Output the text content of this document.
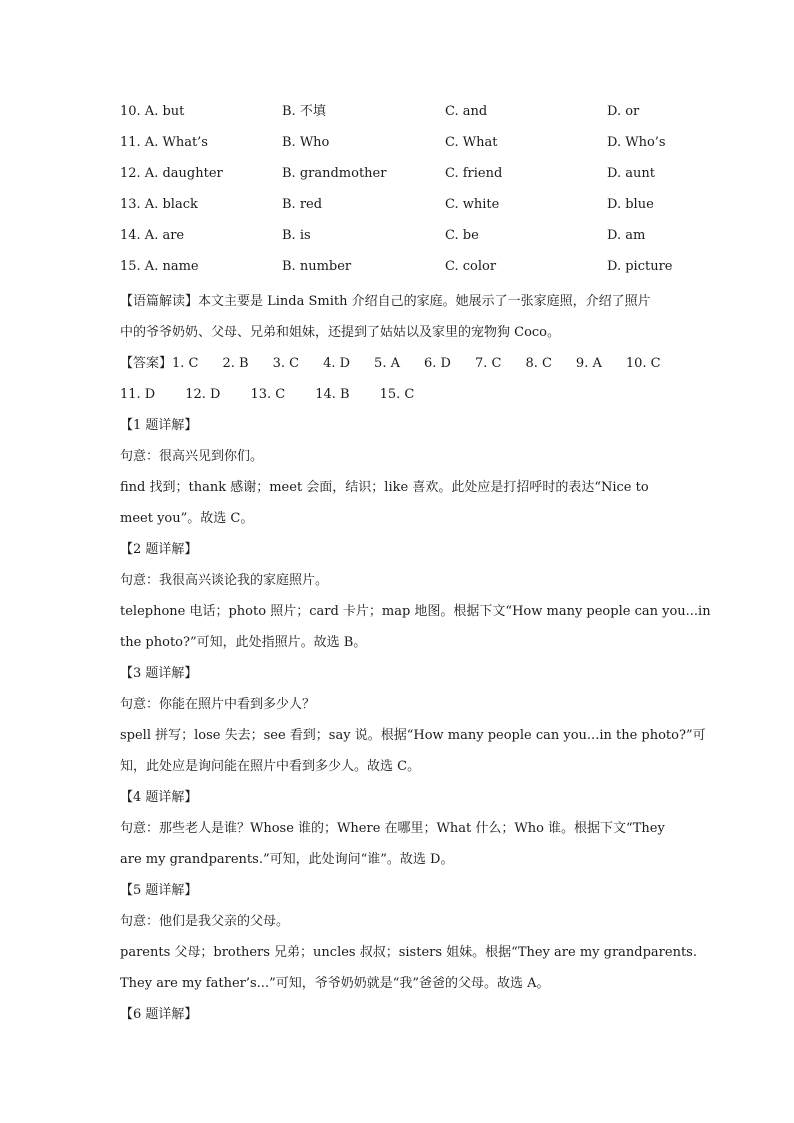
10. A. but	B. 不填	C. and	D. or
11. A. What’s	B. Who	C. What	D. Who’s
12. A. daughter	B. grandmother	C. friend	D. aunt
13. A. black	B. red	C. white	D. blue
14. A. are	B. is	C. be	D. am
15. A. name	B. number	C. color	D. picture
【语篇解读】本文主要是 Linda Smith 介绍自己的家庭。她展示了一张家庭照，介绍了照片
中的爷爷奶奶、父母、兄弟和姐妹，还提到了姑姑以及家里的宠物狗 Coco。
【答案】1. C 2. B 3. C 4. D 5. A 6. D 7. C 8. C 9. A 10. C
11. D 12. D 13. C 14. B 15. C
【1 题详解】
句意：很高兴见到你们。
find 找到；thank 感谢；meet 会面，结识；like 喜欢。此处应是打招呼时的表达“Nice to
meet you”。故选 C。
【2 题详解】
句意：我很高兴谈论我的家庭照片。
telephone 电话；photo 照片；card 卡片；map 地图。根据下文“How many people can you...in
the photo?”可知，此处指照片。故选 B。
【3 题详解】
句意：你能在照片中看到多少人？
spell 拼写；lose 失去；see 看到；say 说。根据“How many people can you...in the photo?”可
知，此处应是询问能在照片中看到多少人。故选 C。
【4 题详解】
句意：那些老人是谁？Whose 谁的；Where 在哪里；What 什么；Who 谁。根据下文“They
are my grandparents.”可知，此处询问“谁”。故选 D。
【5 题详解】
句意：他们是我父亲的父母。
parents 父母；brothers 兄弟；uncles 叔叔；sisters 姐妹。根据“They are my grandparents.
They are my father’s...”可知，爷爷奶奶就是“我”爸爸的父母。故选 A。
【6 题详解】
